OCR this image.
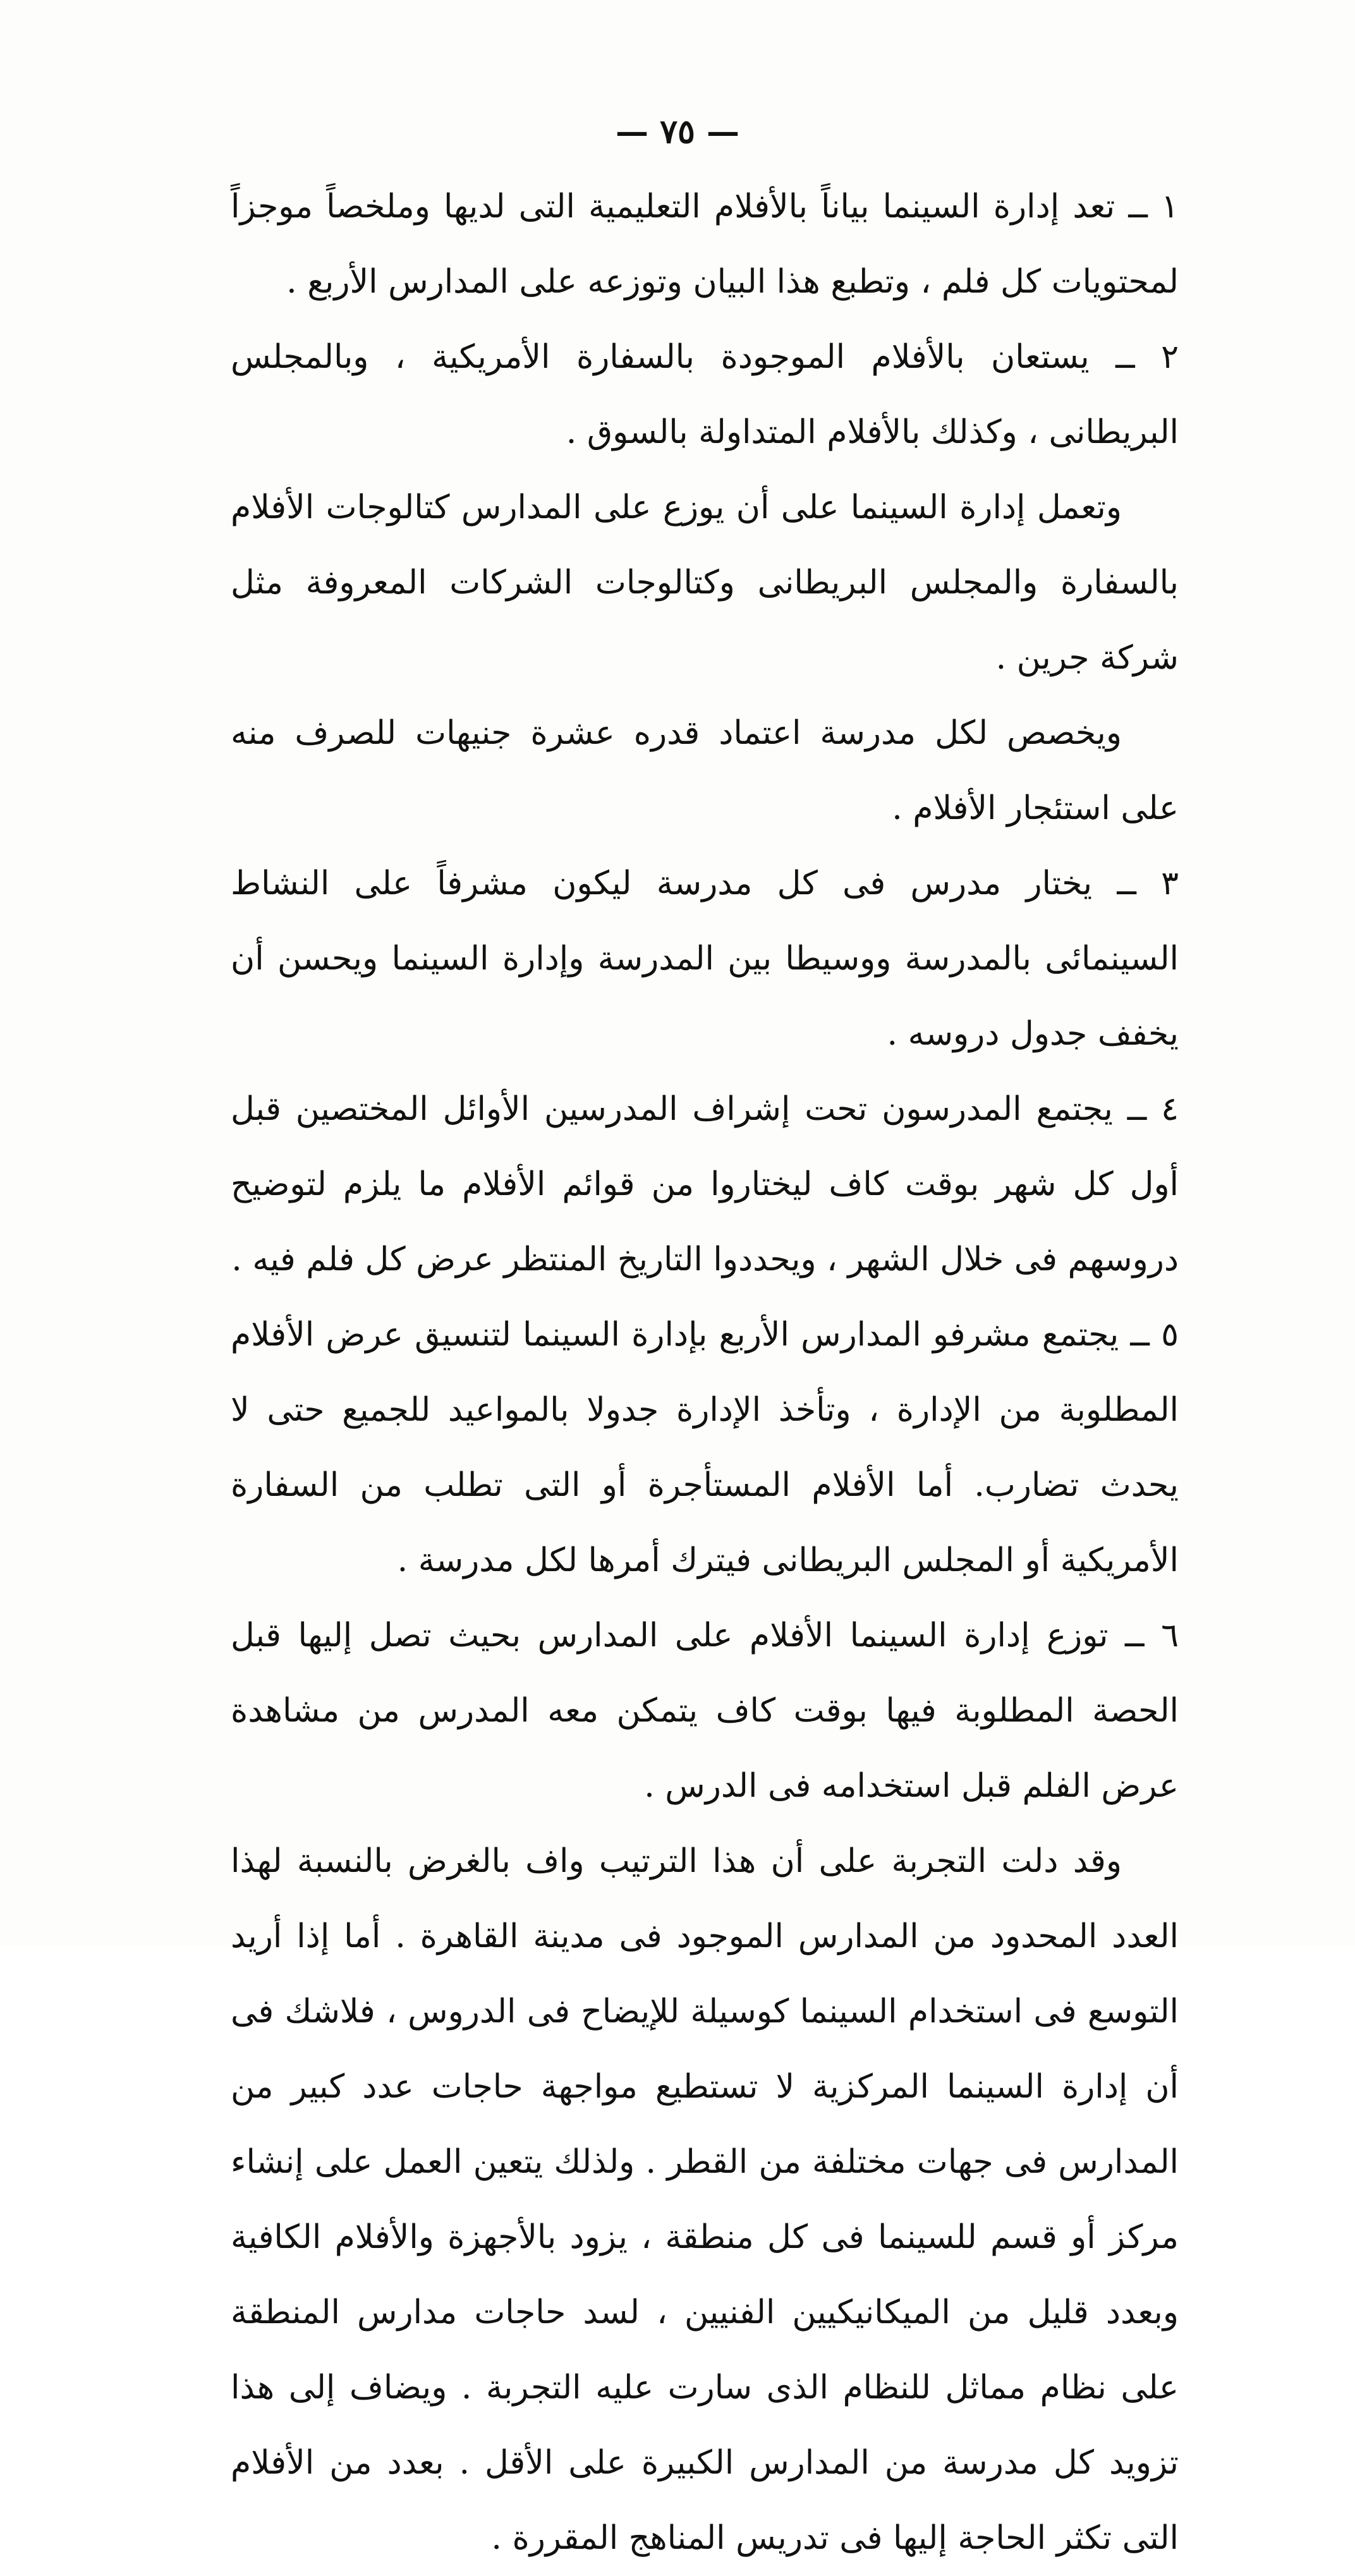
— ٧٥ —

١ ــ تعد إدارة السينما بياناً بالأفلام التعليمية التى لديها وملخصاً موجزاً لمحتويات كل فلم ، وتطبع هذا البيان وتوزعه على المدارس الأربع .

٢ ــ يستعان بالأفلام الموجودة بالسفارة الأمريكية ، وبالمجلس البريطانى ، وكذلك بالأفلام المتداولة بالسوق .

وتعمل إدارة السينما على أن يوزع على المدارس كتالوجات الأفلام بالسفارة والمجلس البريطانى وكتالوجات الشركات المعروفة مثل شركة جرين .

ويخصص لكل مدرسة اعتماد قدره عشرة جنيهات للصرف منه على استئجار الأفلام .

٣ ــ يختار مدرس فى كل مدرسة ليكون مشرفاً على النشاط السينمائى بالمدرسة ووسيطا بين المدرسة وإدارة السينما ويحسن أن يخفف جدول دروسه .

٤ ــ يجتمع المدرسون تحت إشراف المدرسين الأوائل المختصين قبل أول كل شهر بوقت كاف ليختاروا من قوائم الأفلام ما يلزم لتوضيح دروسهم فى خلال الشهر ، ويحددوا التاريخ المنتظر عرض كل فلم فيه .

٥ ــ يجتمع مشرفو المدارس الأربع بإدارة السينما لتنسيق عرض الأفلام المطلوبة من الإدارة ، وتأخذ الإدارة جدولا بالمواعيد للجميع حتى لا يحدث تضارب. أما الأفلام المستأجرة أو التى تطلب من السفارة الأمريكية أو المجلس البريطانى فيترك أمرها لكل مدرسة .

٦ ــ توزع إدارة السينما الأفلام على المدارس بحيث تصل إليها قبل الحصة المطلوبة فيها بوقت كاف يتمكن معه المدرس من مشاهدة عرض الفلم قبل استخدامه فى الدرس .

وقد دلت التجربة على أن هذا الترتيب واف بالغرض بالنسبة لهذا العدد المحدود من المدارس الموجود فى مدينة القاهرة . أما إذا أريد التوسع فى استخدام السينما كوسيلة للإيضاح فى الدروس ، فلاشك فى أن إدارة السينما المركزية لا تستطيع مواجهة حاجات عدد كبير من المدارس فى جهات مختلفة من القطر . ولذلك يتعين العمل على إنشاء مركز أو قسم للسينما فى كل منطقة ، يزود بالأجهزة والأفلام الكافية وبعدد قليل من الميكانيكيين الفنيين ، لسد حاجات مدارس المنطقة على نظام مماثل للنظام الذى سارت عليه التجربة . ويضاف إلى هذا تزويد كل مدرسة من المدارس الكبيرة على الأقل . بعدد من الأفلام التى تكثر الحاجة إليها فى تدريس المناهج المقررة .
